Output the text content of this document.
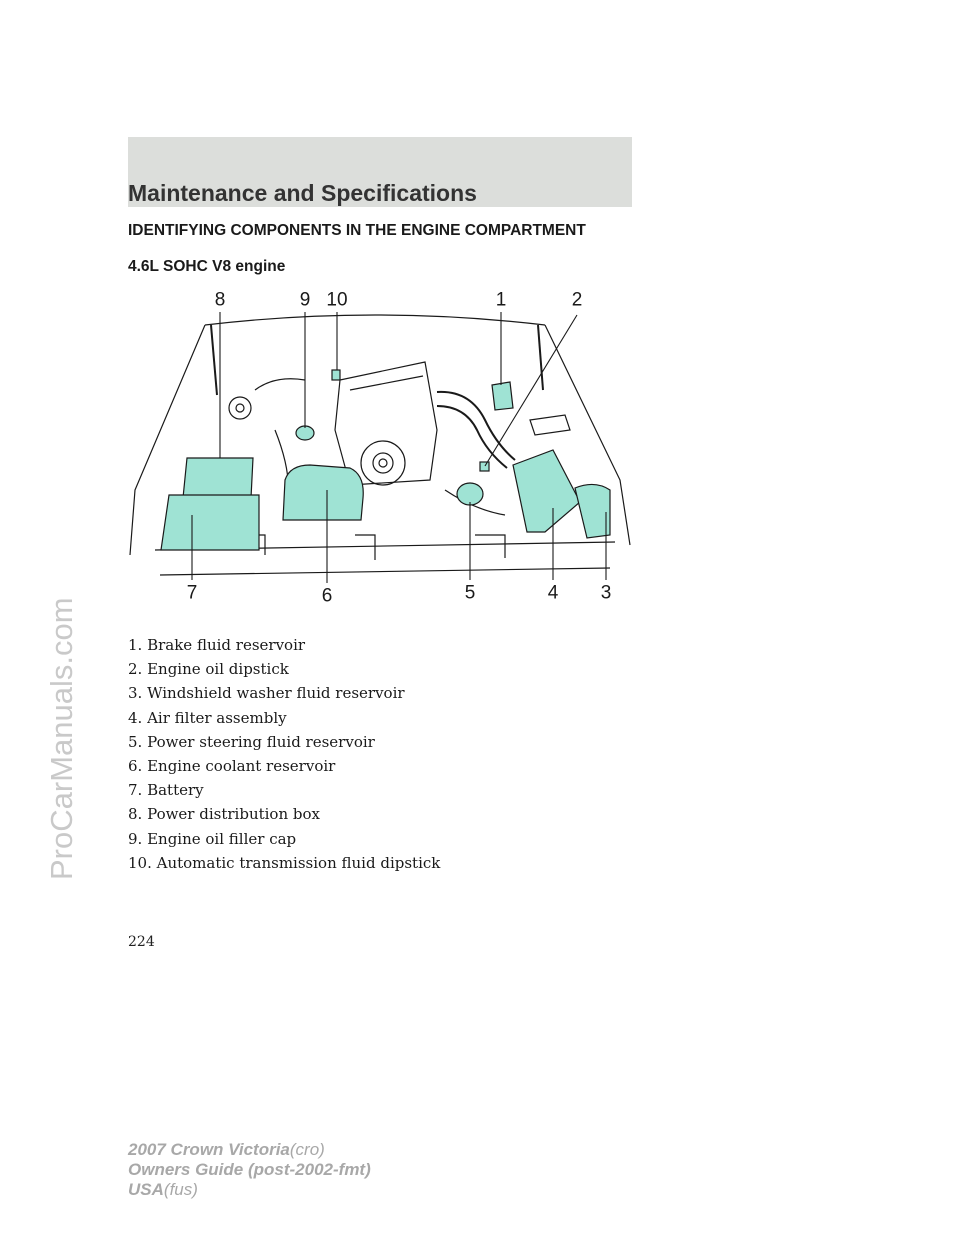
Maintenance and Specifications
IDENTIFYING COMPONENTS IN THE ENGINE COMPARTMENT
4.6L SOHC V8 engine
8	9 10	1	2
7	6	5	4 3
1. Brake fluid reservoir
2. Engine oil dipstick
3. Windshield washer fluid reservoir
4. Air filter assembly
5. Power steering fluid reservoir
6. Engine coolant reservoir
7. Battery
8. Power distribution box
9. Engine oil filler cap
10. Automatic transmission fluid dipstick
224
2007 Crown Victoria(cro)
Owners Guide (post-2002-fmt)
USA(fus)
ProCarManuals.com
